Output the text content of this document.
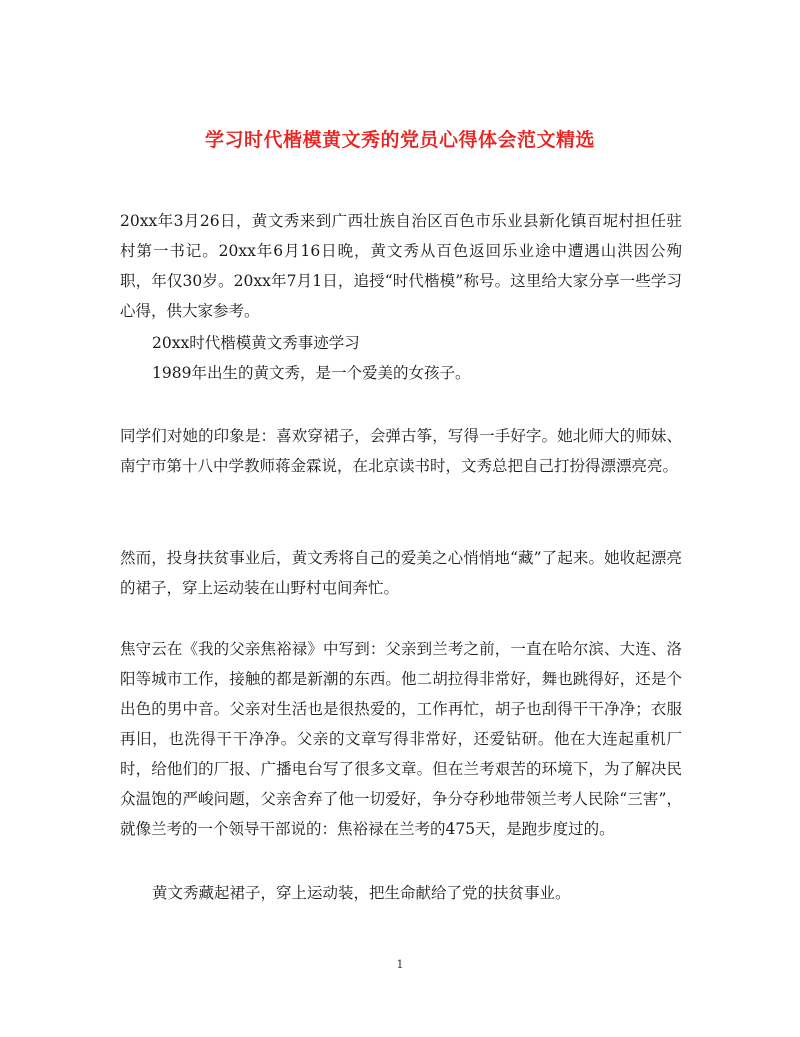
学习时代楷模黄文秀的党员心得体会范文精选

20xx年3月26日，黄文秀来到广西壮族自治区百色市乐业县新化镇百坭村担任驻村第一书记。20xx年6月16日晚，黄文秀从百色返回乐业途中遭遇山洪因公殉职，年仅30岁。20xx年7月1日，追授“时代楷模”称号。这里给大家分享一些学习心得，供大家参考。

20xx时代楷模黄文秀事迹学习

1989年出生的黄文秀，是一个爱美的女孩子。

同学们对她的印象是：喜欢穿裙子，会弹古筝，写得一手好字。她北师大的师妹、南宁市第十八中学教师蒋金霖说，在北京读书时，文秀总把自己打扮得漂漂亮亮。

然而，投身扶贫事业后，黄文秀将自己的爱美之心悄悄地“藏”了起来。她收起漂亮的裙子，穿上运动装在山野村屯间奔忙。

焦守云在《我的父亲焦裕禄》中写到：父亲到兰考之前，一直在哈尔滨、大连、洛阳等城市工作，接触的都是新潮的东西。他二胡拉得非常好，舞也跳得好，还是个出色的男中音。父亲对生活也是很热爱的，工作再忙，胡子也刮得干干净净；衣服再旧，也洗得干干净净。父亲的文章写得非常好，还爱钻研。他在大连起重机厂时，给他们的厂报、广播电台写了很多文章。但在兰考艰苦的环境下，为了解决民众温饱的严峻问题，父亲舍弃了他一切爱好，争分夺秒地带领兰考人民除“三害”，就像兰考的一个领导干部说的：焦裕禄在兰考的475天，是跑步度过的。

黄文秀藏起裙子，穿上运动装，把生命献给了党的扶贫事业。

1
